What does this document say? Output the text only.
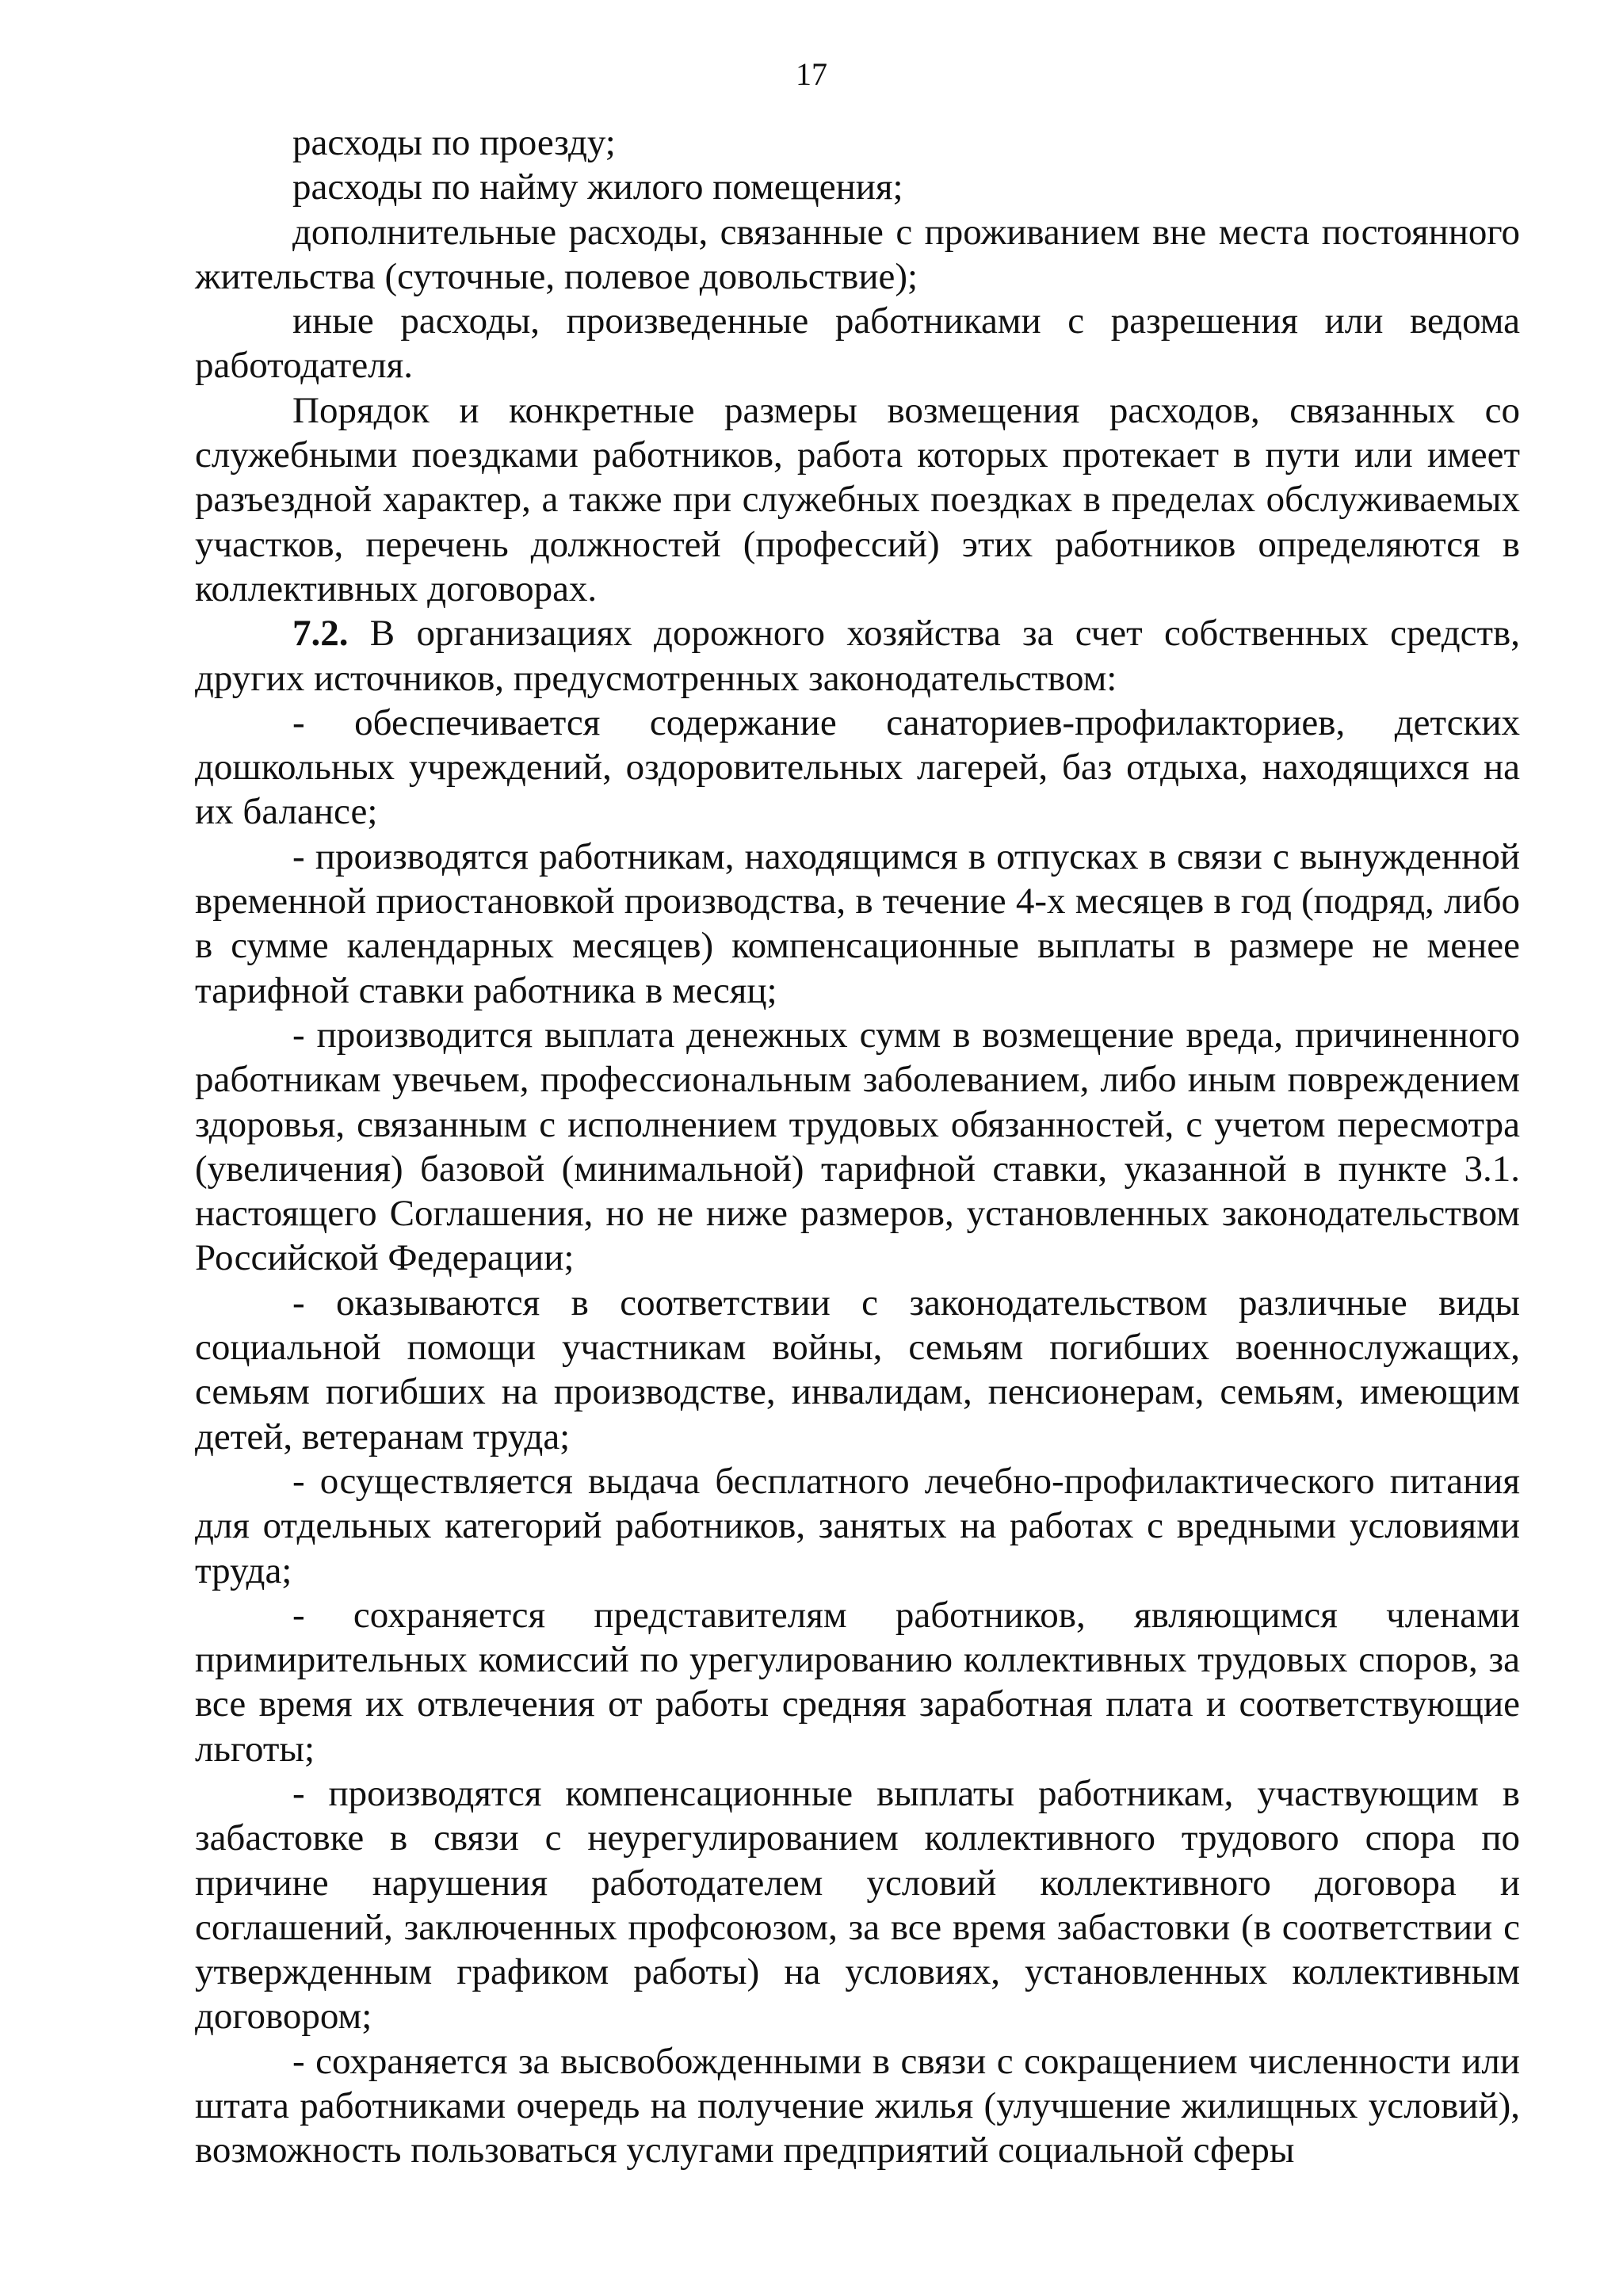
17

расходы по проезду;

расходы по найму жилого помещения;

дополнительные расходы, связанные с проживанием вне места постоянного жительства (суточные, полевое довольствие);

иные расходы, произведенные работниками с разрешения или ведома работодателя.

Порядок и конкретные размеры возмещения расходов, связанных со служебными поездками работников, работа которых протекает в пути или имеет разъездной характер, а также при служебных поездках в пределах обслуживаемых участков, перечень должностей (профессий) этих работников определяются в коллективных договорах.

7.2. В организациях дорожного хозяйства за счет собственных средств, других источников, предусмотренных законодательством:

- обеспечивается содержание санаториев-профилакториев, детских дошкольных учреждений, оздоровительных лагерей, баз отдыха, находящихся на их балансе;

- производятся работникам, находящимся в отпусках в связи с вынужденной временной приостановкой производства, в течение 4-х месяцев в год (подряд, либо в сумме календарных месяцев) компенсационные выплаты в размере не менее тарифной ставки работника в месяц;

- производится выплата денежных сумм в возмещение вреда, причиненного работникам увечьем, профессиональным заболеванием, либо иным повреждением здоровья, связанным с исполнением трудовых обязанностей, с учетом пересмотра (увеличения) базовой (минимальной) тарифной ставки, указанной в пункте 3.1. настоящего Соглашения, но не ниже размеров, установленных законодательством Российской Федерации;

- оказываются в соответствии с законодательством различные виды социальной помощи участникам войны, семьям погибших военнослужащих, семьям погибших на производстве, инвалидам, пенсионерам, семьям, имеющим детей, ветеранам труда;

- осуществляется выдача бесплатного лечебно-профилактического питания для отдельных категорий работников, занятых на работах с вредными условиями труда;

- сохраняется представителям работников, являющимся членами примирительных комиссий по урегулированию коллективных трудовых споров, за все время их отвлечения от работы средняя заработная плата и соответствующие льготы;

- производятся компенсационные выплаты работникам, участвующим в забастовке в связи с неурегулированием коллективного трудового спора по причине нарушения работодателем условий коллективного договора и соглашений, заключенных профсоюзом, за все время забастовки (в соответствии с утвержденным графиком работы) на условиях, установленных коллективным договором;

- сохраняется за высвобожденными в связи с сокращением численности или штата работниками очередь на получение жилья (улучшение жилищных условий), возможность пользоваться услугами предприятий социальной сферы
